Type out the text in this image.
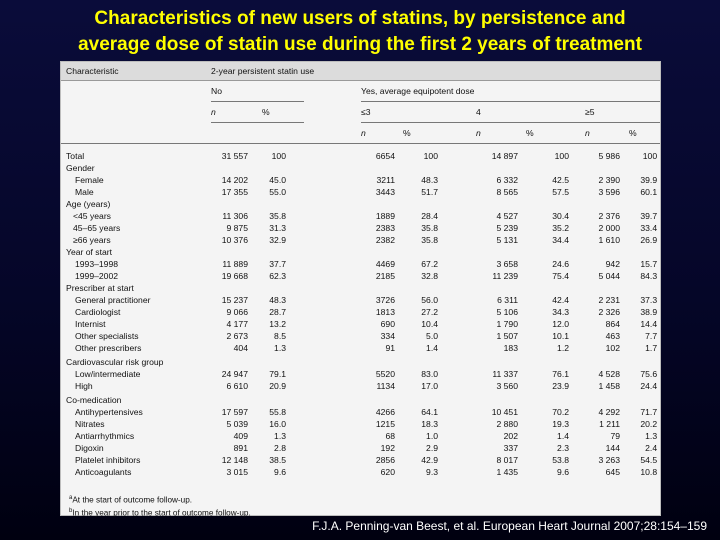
Characteristics of new users of statins, by persistence and
average dose of statin use during the first 2 years of treatment
Characteristic	2-year persistent statin use								
	No			Yes, average equipotent dose					
	n	%		≤3		4		≥5	
				n	%	n	%	n	%

Total	31 557	100		6654	100	14 897	100	5 986	100
Gender									
Female	14 202	45.0		3211	48.3	6 332	42.5	2 390	39.9
Male	17 355	55.0		3443	51.7	8 565	57.5	3 596	60.1
Age (years)									
<45 years	11 306	35.8		1889	28.4	4 527	30.4	2 376	39.7
45–65 years	9 875	31.3		2383	35.8	5 239	35.2	2 000	33.4
≥66 years	10 376	32.9		2382	35.8	5 131	34.4	1 610	26.9
Year of start									
1993–1998	11 889	37.7		4469	67.2	3 658	24.6	942	15.7
1999–2002	19 668	62.3		2185	32.8	11 239	75.4	5 044	84.3
Prescriber at start									
General practitioner	15 237	48.3		3726	56.0	6 311	42.4	2 231	37.3
Cardiologist	9 066	28.7		1813	27.2	5 106	34.3	2 326	38.9
Internist	4 177	13.2		690	10.4	1 790	12.0	864	14.4
Other specialists	2 673	8.5		334	5.0	1 507	10.1	463	7.7
Other prescribers	404	1.3		91	1.4	183	1.2	102	1.7
Cardiovascular risk group									
Low/intermediate	24 947	79.1		5520	83.0	11 337	76.1	4 528	75.6
High	6 610	20.9		1134	17.0	3 560	23.9	1 458	24.4
Co-medication									
Antihypertensives	17 597	55.8		4266	64.1	10 451	70.2	4 292	71.7
Nitrates	5 039	16.0		1215	18.3	2 880	19.3	1 211	20.2
Antiarrhythmics	409	1.3		68	1.0	202	1.4	79	1.3
Digoxin	891	2.8		192	2.9	337	2.3	144	2.4
Platelet inhibitors	12 148	38.5		2856	42.9	8 017	53.8	3 263	54.5
Anticoagulants	3 015	9.6		620	9.3	1 435	9.6	645	10.8
$^a$At the start of outcome follow-up.
$^b$In the year prior to the start of outcome follow-up.
F.J.A. Penning-van Beest, et al. European Heart Journal 2007;28:154–159
